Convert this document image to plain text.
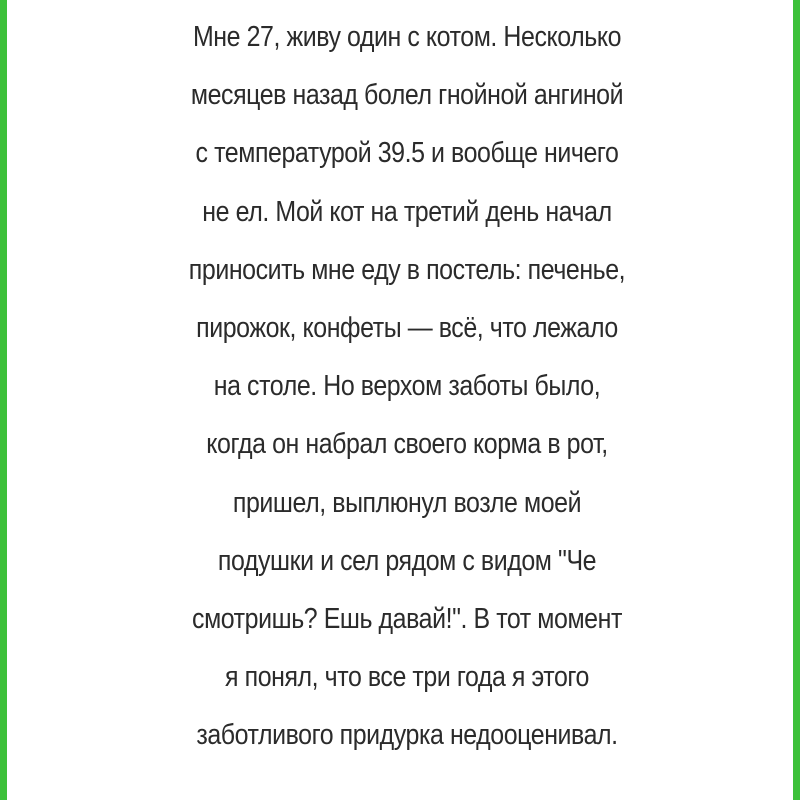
Мне 27, живу один с котом. Несколько
месяцев назад болел гнойной ангиной
с температурой 39.5 и вообще ничего
не ел. Мой кот на третий день начал
приносить мне еду в постель: печенье,
пирожок, конфеты — всё, что лежало
на столе. Но верхом заботы было,
когда он набрал своего корма в рот,
пришел, выплюнул возле моей
подушки и сел рядом с видом "Че
смотришь? Ешь давай!". В тот момент
я понял, что все три года я этого
заботливого придурка недооценивал.
